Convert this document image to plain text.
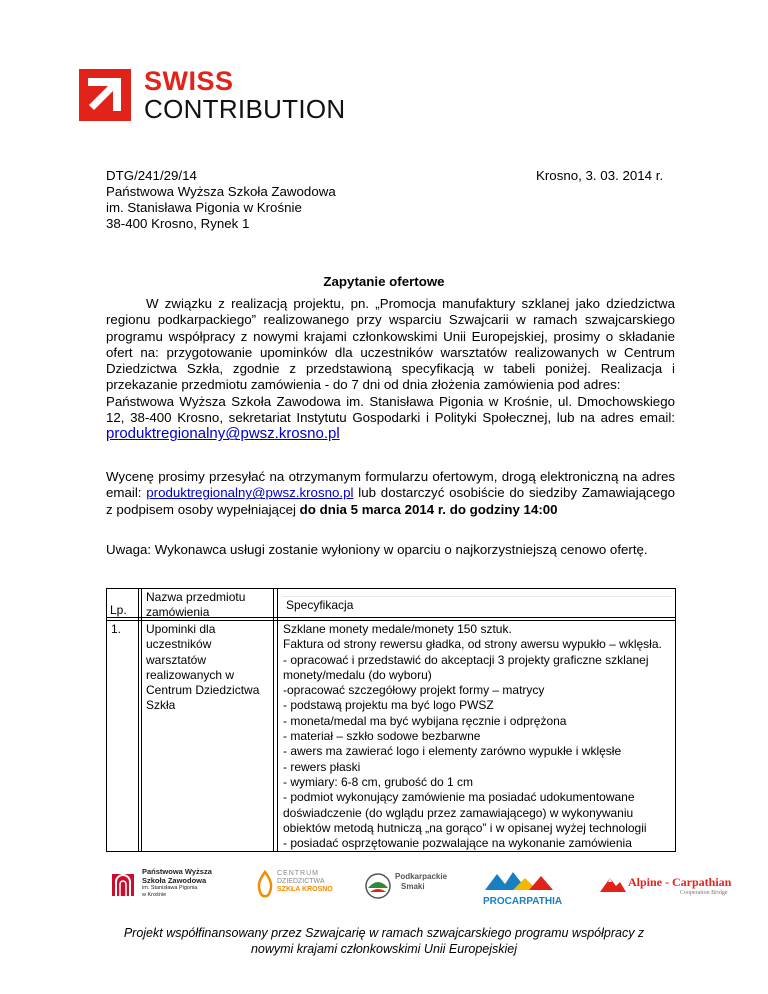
SWISS
CONTRIBUTION
DTG/241/29/14
Państwowa Wyższa Szkoła Zawodowa
im. Stanisława Pigonia w Krośnie
38-400 Krosno, Rynek 1
Krosno, 3. 03. 2014 r.
Zapytanie ofertowe

W związku z realizacją projektu, pn. „Promocja manufaktury szklanej jako dziedzictwa regionu podkarpackiego” realizowanego przy wsparciu Szwajcarii w ramach szwajcarskiego programu współpracy z nowymi krajami członkowskimi Unii Europejskiej, prosimy o składanie ofert na: przygotowanie upominków dla uczestników warsztatów realizowanych w Centrum Dziedzictwa Szkła, zgodnie z przedstawioną specyfikacją w tabeli poniżej. Realizacja i przekazanie przedmiotu zamówienia - do 7 dni od dnia złożenia zamówienia pod adres:

Państwowa Wyższa Szkoła Zawodowa im. Stanisława Pigonia w Krośnie, ul. Dmochowskiego 12, 38-400 Krosno, sekretariat Instytutu Gospodarki i Polityki Społecznej, lub na adres email: produktregionalny@pwsz.krosno.pl

Wycenę prosimy przesyłać na otrzymanym formularzu ofertowym, drogą elektroniczną na adres email: produktregionalny@pwsz.krosno.pl lub dostarczyć osobiście do siedziby Zamawiającego z podpisem osoby wypełniającej do dnia 5 marca 2014 r. do godziny 14:00

Uwaga: Wykonawca usługi zostanie wyłoniony w oparciu o najkorzystniejszą cenowo ofertę.

Lp.
Nazwa przedmiotu zamówienia
Specyfikacja
1. Upominki dla uczestników warsztatów realizowanych w Centrum Dziedzictwa Szkła
Szklane monety medale/monety 150 sztuk.
Faktura od strony rewersu gładka, od strony awersu wypukło – wklęsła.
- opracować i przedstawić do akceptacji 3 projekty graficzne szklanej monety/medalu (do wyboru)
-opracować szczegółowy projekt formy – matrycy
- podstawą projektu ma być logo PWSZ
- moneta/medal ma być wybijana ręcznie i odprężona
- materiał – szkło sodowe bezbarwne
- awers ma zawierać logo i elementy zarówno wypukłe i wklęsłe
- rewers płaski
- wymiary: 6-8 cm, grubość do 1 cm
- podmiot wykonujący zamówienie ma posiadać udokumentowane doświadczenie (do wglądu przez zamawiającego) w wykonywaniu obiektów metodą hutniczą „na gorąco” i w opisanej wyżej technologii
- posiadać osprzętowanie pozwalające na wykonanie zamówienia
Państwowa Wyższa
Szkoła Zawodowa
im. Stanisława Pigonia
w Krośnie
CENTRUM
DZIEDZICTWA
SZKŁA KROSNO
Podkarpackie
Smaki
PROCARPATHIA
Alpine - Carpathian
Cooperation Bridge
Projekt współfinansowany przez Szwajcarię w ramach szwajcarskiego programu współpracy z
nowymi krajami członkowskimi Unii Europejskiej
